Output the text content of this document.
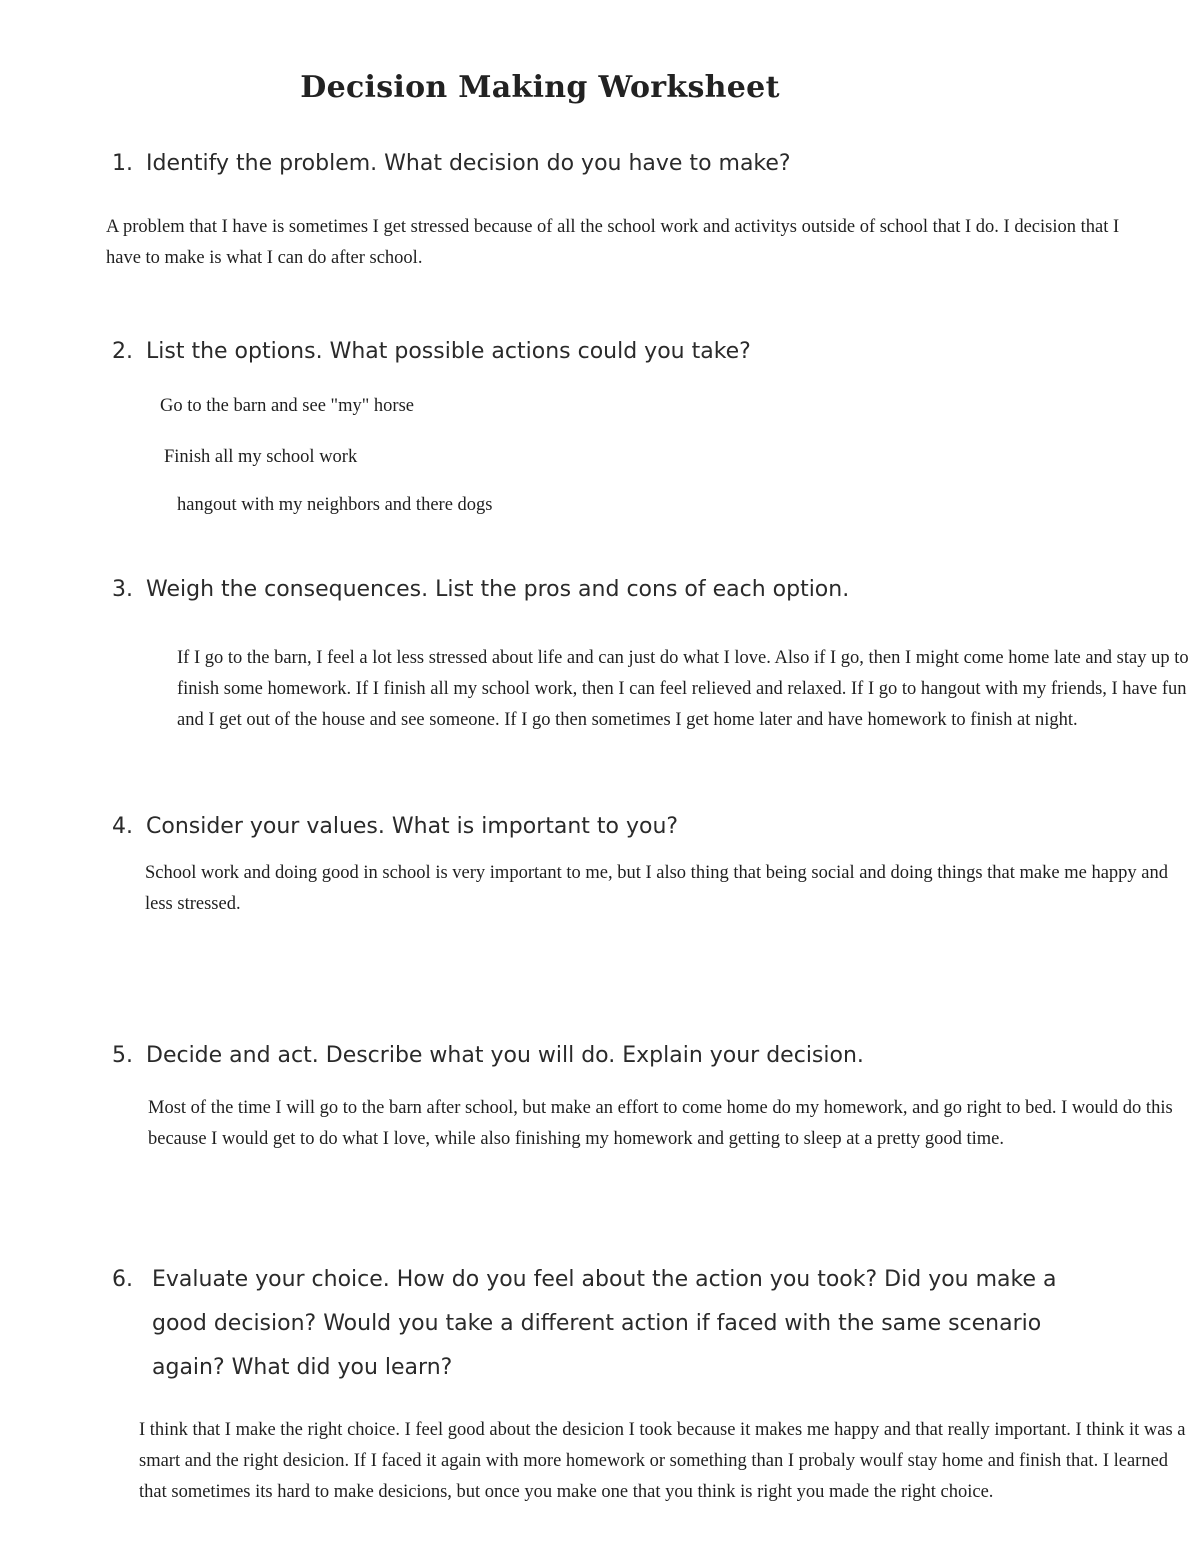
Decision Making Worksheet
1. Identify the problem. What decision do you have to make?

A problem that I have is sometimes I get stressed because of all the school work and activitys outside of school that I do. I decision that I have to make is what I can do after school.

2. List the options. What possible actions could you take?

Go to the barn and see "my" horse

Finish all my school work

hangout with my neighbors and there dogs

3. Weigh the consequences. List the pros and cons of each option.

If I go to the barn, I feel a lot less stressed about life and can just do what I love. Also if I go, then I might come home late and stay up to finish some homework. If I finish all my school work, then I can feel relieved and relaxed. If I go to hangout with my friends, I have fun and I get out of the house and see someone. If I go then sometimes I get home later and have homework to finish at night.

4. Consider your values. What is important to you?

School work and doing good in school is very important to me, but I also thing that being social and doing things that make me happy and less stressed.

5. Decide and act. Describe what you will do. Explain your decision.

Most of the time I will go to the barn after school, but make an effort to come home do my homework, and go right to bed. I would do this because I would get to do what I love, while also finishing my homework and getting to sleep at a pretty good time.

6. Evaluate your choice. How do you feel about the action you took? Did you make a good decision? Would you take a different action if faced with the same scenario again? What did you learn?

I think that I make the right choice. I feel good about the desicion I took because it makes me happy and that really important. I think it was a smart and the right desicion. If I faced it again with more homework or something than I probaly woulf stay home and finish that. I learned that sometimes its hard to make desicions, but once you make one that you think is right you made the right choice.
